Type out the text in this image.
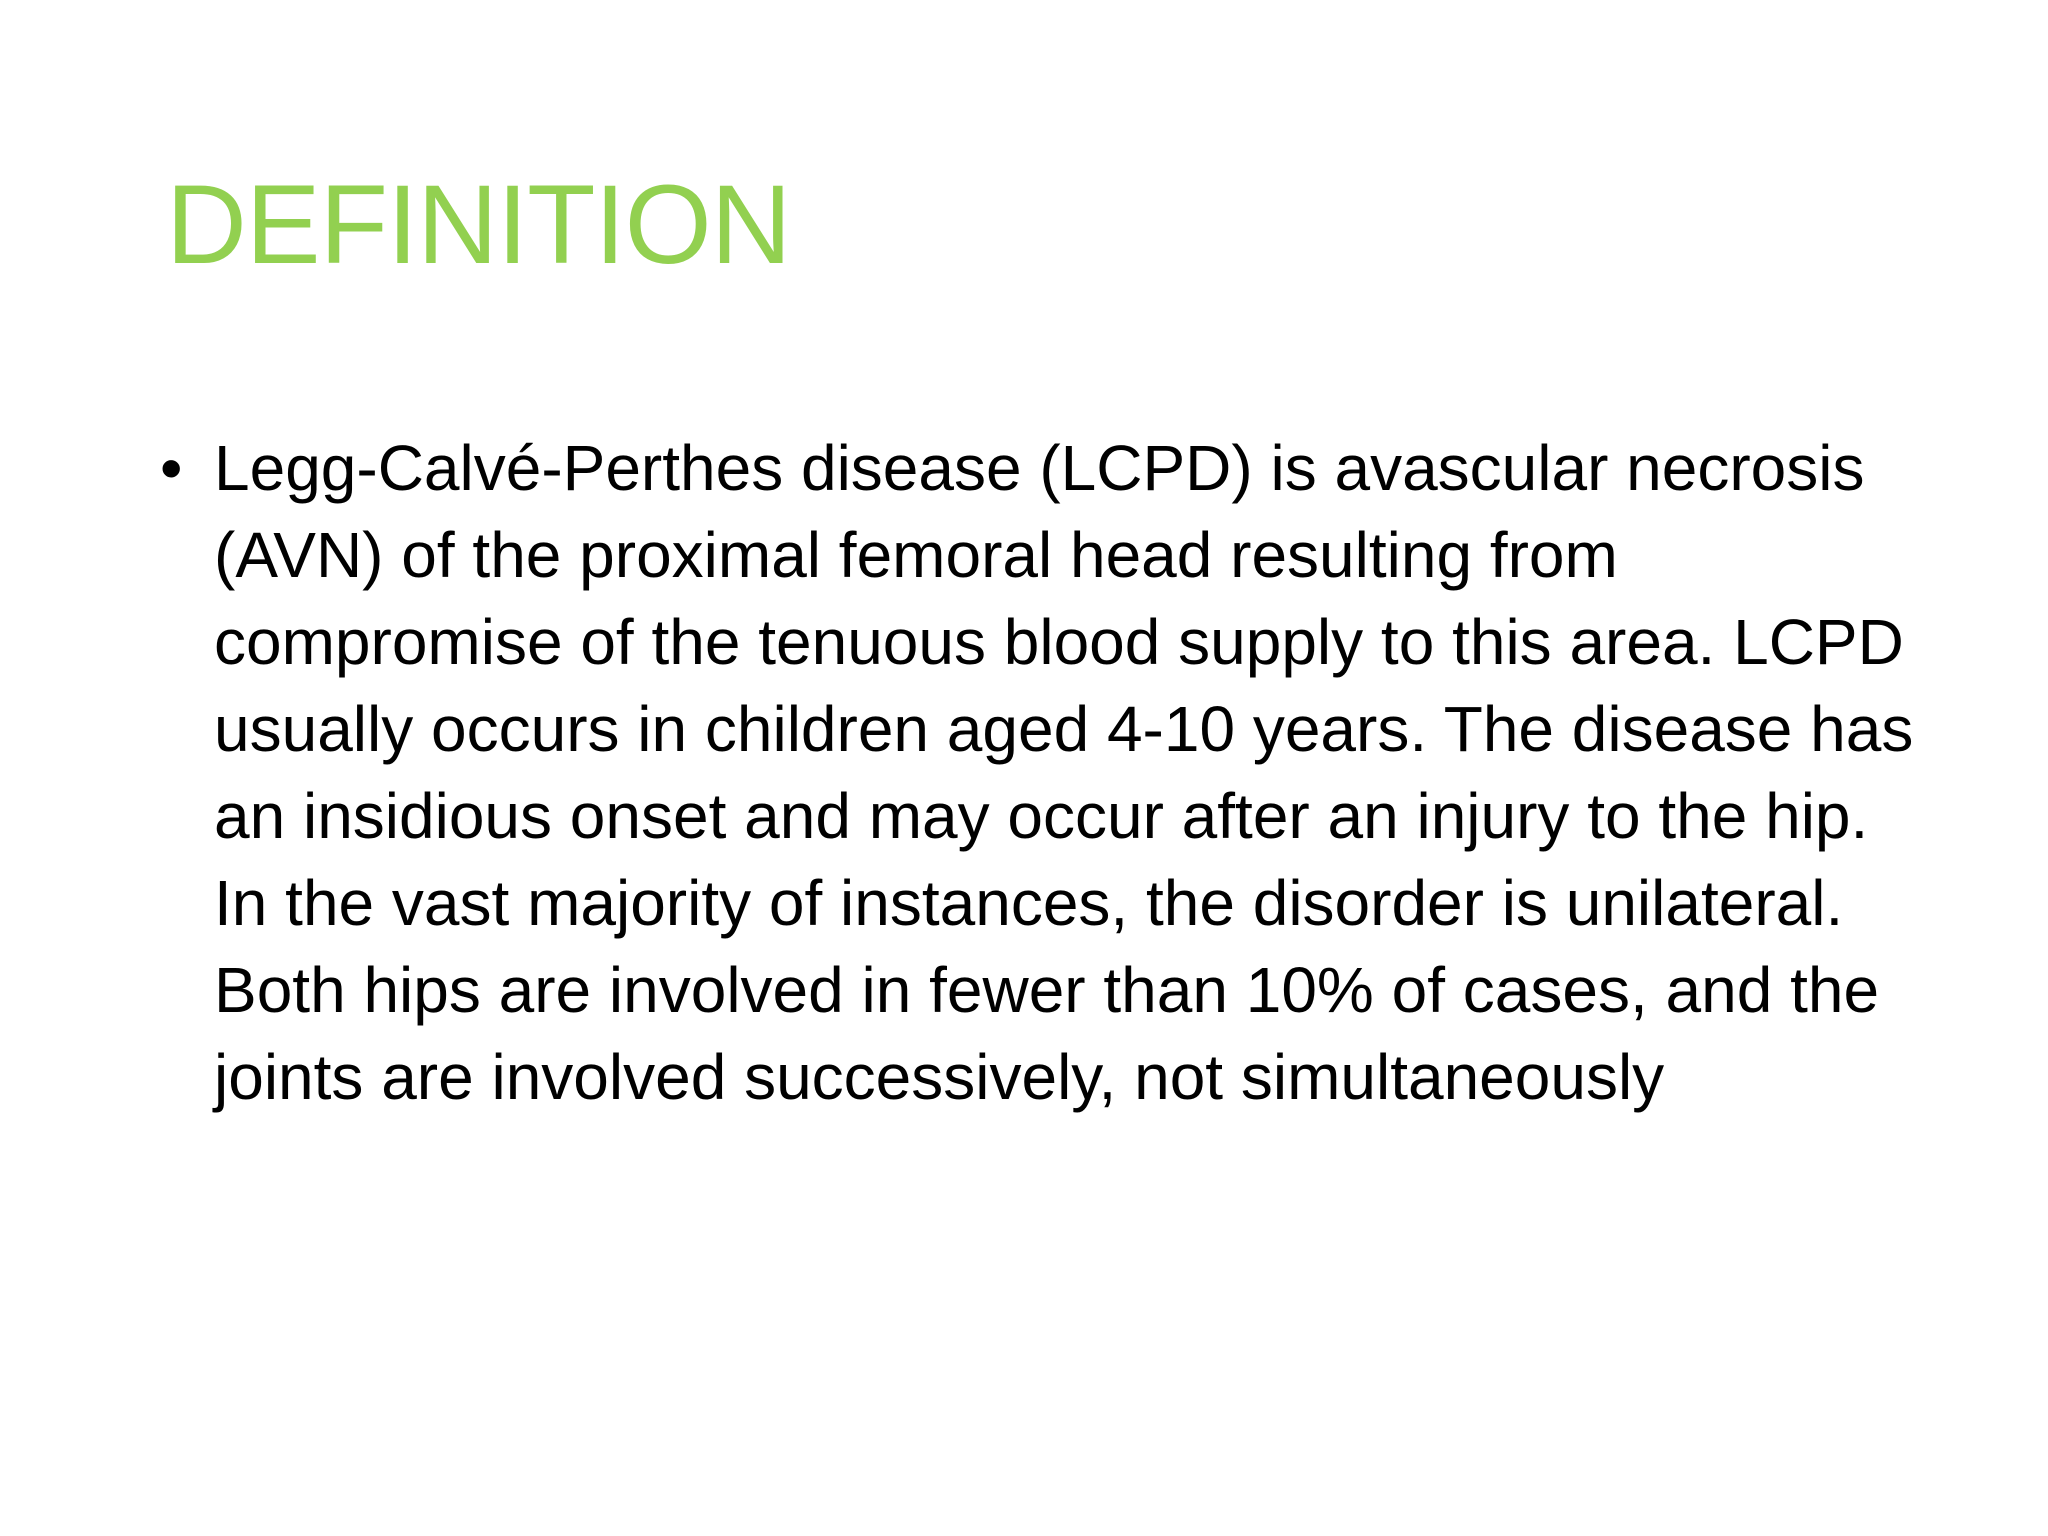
DEFINITION
• Legg-Calvé-Perthes disease (LCPD) is avascular necrosis (AVN) of the proximal femoral head resulting from compromise of the tenuous blood supply to this area. LCPD usually occurs in children aged 4-10 years. The disease has an insidious onset and may occur after an injury to the hip. In the vast majority of instances, the disorder is unilateral. Both hips are involved in fewer than 10% of cases, and the joints are involved successively, not simultaneously
